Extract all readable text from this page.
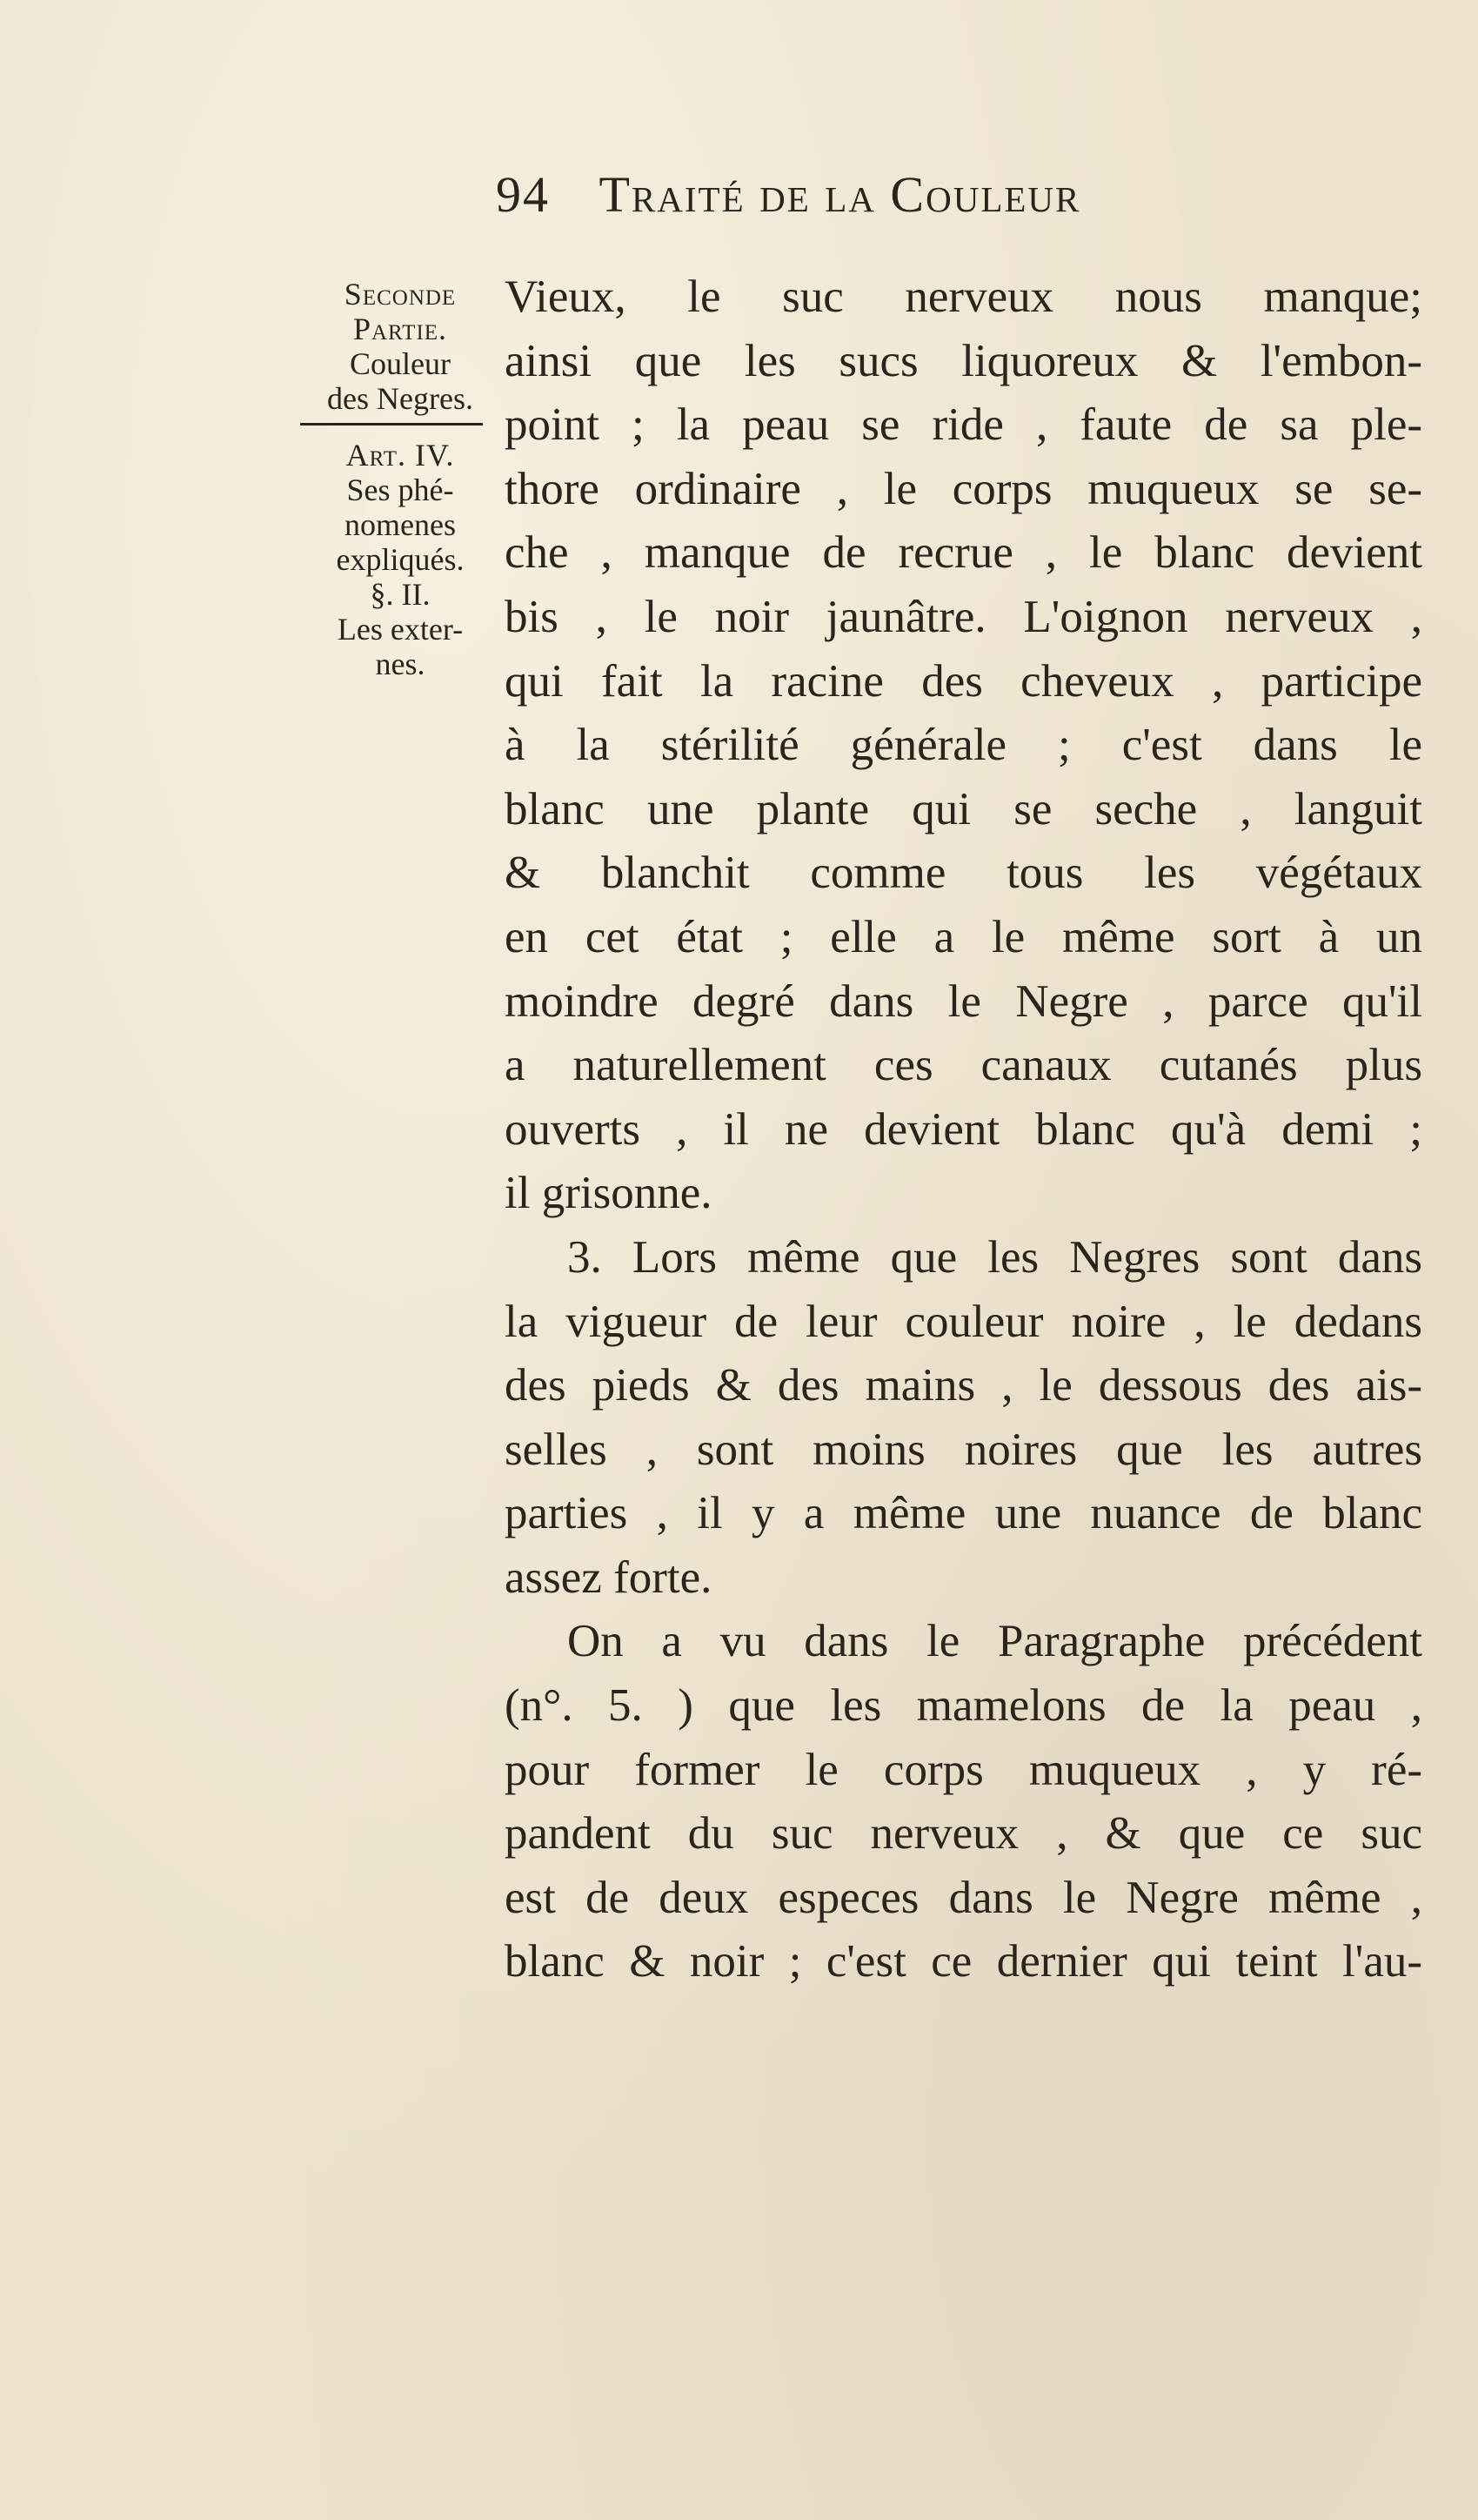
94 Traité de la Couleur
Seconde
Partie.
Couleur
des Negres.
Art. IV.
Ses phé-
nomenes
expliqués.
§. II.
Les exter-
nes.

Vieux, le suc nerveux nous manque;
ainsi que les sucs liquoreux & l'embon-
point ; la peau se ride , faute de sa ple-
thore ordinaire , le corps muqueux se se-
che , manque de recrue , le blanc devient
bis , le noir jaunâtre. L'oignon nerveux ,
qui fait la racine des cheveux , participe
à la stérilité générale ; c'est dans le
blanc une plante qui se seche , languit
& blanchit comme tous les végétaux
en cet état ; elle a le même sort à un
moindre degré dans le Negre , parce qu'il
a naturellement ces canaux cutanés plus
ouverts , il ne devient blanc qu'à demi ;
il grisonne.

3. Lors même que les Negres sont dans
la vigueur de leur couleur noire , le dedans
des pieds & des mains , le dessous des ais-
selles , sont moins noires que les autres
parties , il y a même une nuance de blanc
assez forte.

On a vu dans le Paragraphe précédent
(n°. 5. ) que les mamelons de la peau ,
pour former le corps muqueux , y ré-
pandent du suc nerveux , & que ce suc
est de deux especes dans le Negre même ,
blanc & noir ; c'est ce dernier qui teint l'au-
